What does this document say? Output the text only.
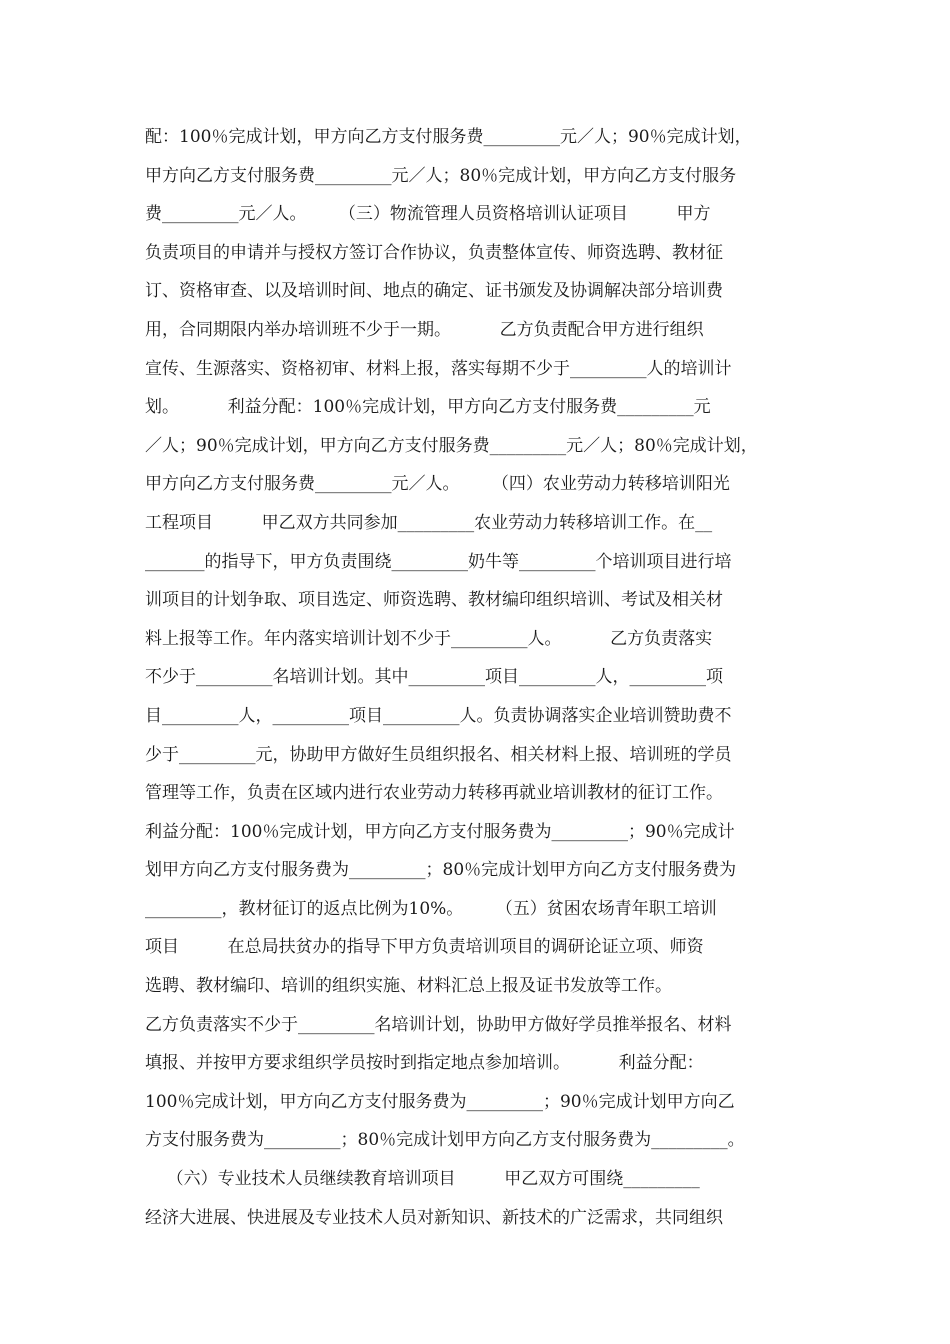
配：100％完成计划，甲方向乙方支付服务费_________元／人；90％完成计划，
甲方向乙方支付服务费_________元／人；80％完成计划，甲方向乙方支付服务
费_________元／人。      （三）物流管理人员资格培训认证项目         甲方
负责项目的申请并与授权方签订合作协议，负责整体宣传、师资选聘、教材征
订、资格审查、以及培训时间、地点的确定、证书颁发及协调解决部分培训费
用，合同期限内举办培训班不少于一期。         乙方负责配合甲方进行组织
宣传、生源落实、资格初审、材料上报，落实每期不少于_________人的培训计
划。         利益分配：100％完成计划，甲方向乙方支付服务费_________元
／人；90％完成计划，甲方向乙方支付服务费_________元／人；80％完成计划，
甲方向乙方支付服务费_________元／人。      （四）农业劳动力转移培训阳光
工程项目         甲乙双方共同参加_________农业劳动力转移培训工作。在__
_______的指导下，甲方负责围绕_________奶牛等_________个培训项目进行培
训项目的计划争取、项目选定、师资选聘、教材编印组织培训、考试及相关材
料上报等工作。年内落实培训计划不少于_________人。         乙方负责落实
不少于_________名培训计划。其中_________项目_________人，_________项
目_________人，_________项目_________人。负责协调落实企业培训赞助费不
少于_________元，协助甲方做好生员组织报名、相关材料上报、培训班的学员
管理等工作，负责在区域内进行农业劳动力转移再就业培训教材的征订工作。
利益分配：100％完成计划，甲方向乙方支付服务费为_________；90％完成计
划甲方向乙方支付服务费为_________；80％完成计划甲方向乙方支付服务费为
_________，教材征订的返点比例为10%。      （五）贫困农场青年职工培训
项目         在总局扶贫办的指导下甲方负责培训项目的调研论证立项、师资
选聘、教材编印、培训的组织实施、材料汇总上报及证书发放等工作。
乙方负责落实不少于_________名培训计划，协助甲方做好学员推举报名、材料
填报、并按甲方要求组织学员按时到指定地点参加培训。         利益分配：
100％完成计划，甲方向乙方支付服务费为_________；90％完成计划甲方向乙
方支付服务费为_________；80％完成计划甲方向乙方支付服务费为_________。
（六）专业技术人员继续教育培训项目         甲乙双方可围绕_________
经济大进展、快进展及专业技术人员对新知识、新技术的广泛需求，共同组织
